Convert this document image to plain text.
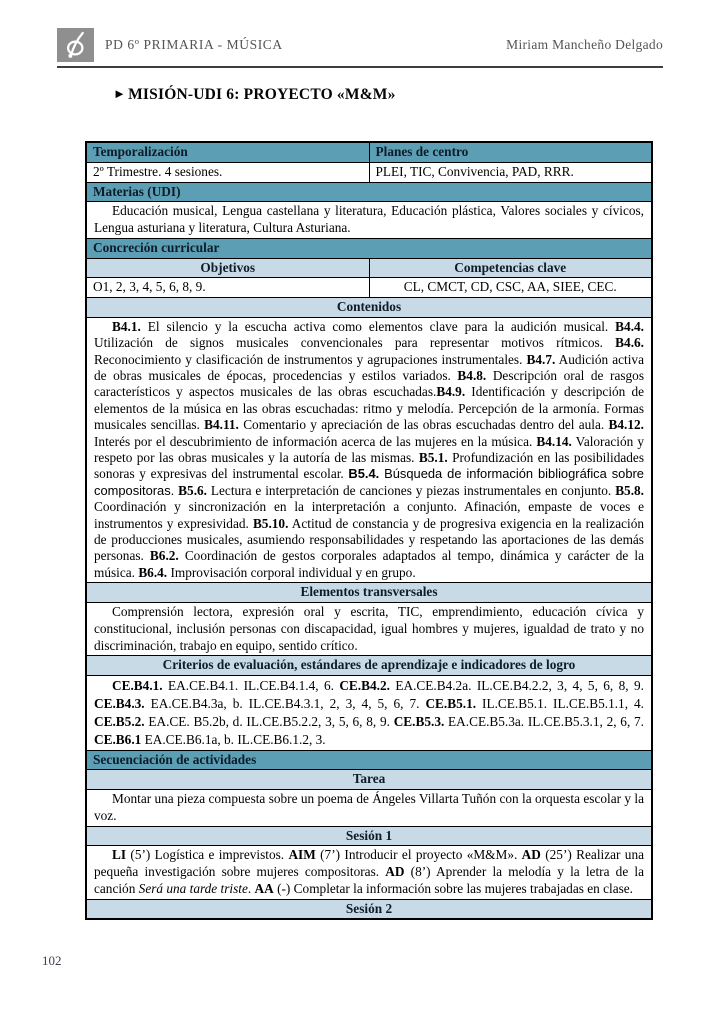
PD 6º PRIMARIA - MÚSICA	Miriam Mancheño Delgado
► MISIÓN-UDI 6: PROYECTO «M&M»
Temporalización	Planes de centro
2º Trimestre. 4 sesiones.	PLEI, TIC, Convivencia, PAD, RRR.
Materias (UDI)	
Educación musical, Lengua castellana y literatura, Educación plástica, Valores sociales y cívicos, Lengua asturiana y literatura, Cultura Asturiana.	
Concreción curricular	
Objetivos	Competencias clave
O1, 2, 3, 4, 5, 6, 8, 9.	CL, CMCT, CD, CSC, AA, SIEE, CEC.
Contenidos	
B4.1. El silencio y la escucha activa como elementos clave para la audición musical. B4.4. Utilización de signos musicales convencionales para representar motivos rítmicos. B4.6. Reconocimiento y clasificación de instrumentos y agrupaciones instrumentales. B4.7. Audición activa de obras musicales de épocas, procedencias y estilos variados. B4.8. Descripción oral de rasgos característicos y aspectos musicales de las obras escuchadas.B4.9. Identificación y descripción de elementos de la música en las obras escuchadas: ritmo y melodía. Percepción de la armonía. Formas musicales sencillas. B4.11. Comentario y apreciación de las obras escuchadas dentro del aula. B4.12. Interés por el descubrimiento de información acerca de las mujeres en la música. B4.14. Valoración y respeto por las obras musicales y la autoría de las mismas. B5.1. Profundización en las posibilidades sonoras y expresivas del instrumental escolar. B5.4. Búsqueda de información bibliográfica sobre compositoras. B5.6. Lectura e interpretación de canciones y piezas instrumentales en conjunto. B5.8. Coordinación y sincronización en la interpretación a conjunto. Afinación, empaste de voces e instrumentos y expresividad. B5.10. Actitud de constancia y de progresiva exigencia en la realización de producciones musicales, asumiendo responsabilidades y respetando las aportaciones de las demás personas. B6.2. Coordinación de gestos corporales adaptados al tempo, dinámica y carácter de la música. B6.4. Improvisación corporal individual y en grupo.	
Elementos transversales	
Comprensión lectora, expresión oral y escrita, TIC, emprendimiento, educación cívica y constitucional, inclusión personas con discapacidad, igual hombres y mujeres, igualdad de trato y no discriminación, trabajo en equipo, sentido crítico.	
Criterios de evaluación, estándares de aprendizaje e indicadores de logro	
CE.B4.1. EA.CE.B4.1. IL.CE.B4.1.4, 6. CE.B4.2. EA.CE.B4.2a. IL.CE.B4.2.2, 3, 4, 5, 6, 8, 9. CE.B4.3. EA.CE.B4.3a, b. IL.CE.B4.3.1, 2, 3, 4, 5, 6, 7. CE.B5.1. IL.CE.B5.1. IL.CE.B5.1.1, 4. CE.B5.2. EA.CE. B5.2b, d. IL.CE.B5.2.2, 3, 5, 6, 8, 9. CE.B5.3. EA.CE.B5.3a. IL.CE.B5.3.1, 2, 6, 7. CE.B6.1 EA.CE.B6.1a, b. IL.CE.B6.1.2, 3.	
Secuenciación de actividades	
Tarea	
Montar una pieza compuesta sobre un poema de Ángeles Villarta Tuñón con la orquesta escolar y la voz.	
Sesión 1	
LI (5’) Logística e imprevistos. AIM (7’) Introducir el proyecto «M&M». AD (25’) Realizar una pequeña investigación sobre mujeres compositoras. AD (8’) Aprender la melodía y la letra de la canción Será una tarde triste. AA (-) Completar la información sobre las mujeres trabajadas en clase.	
Sesión 2	
102
